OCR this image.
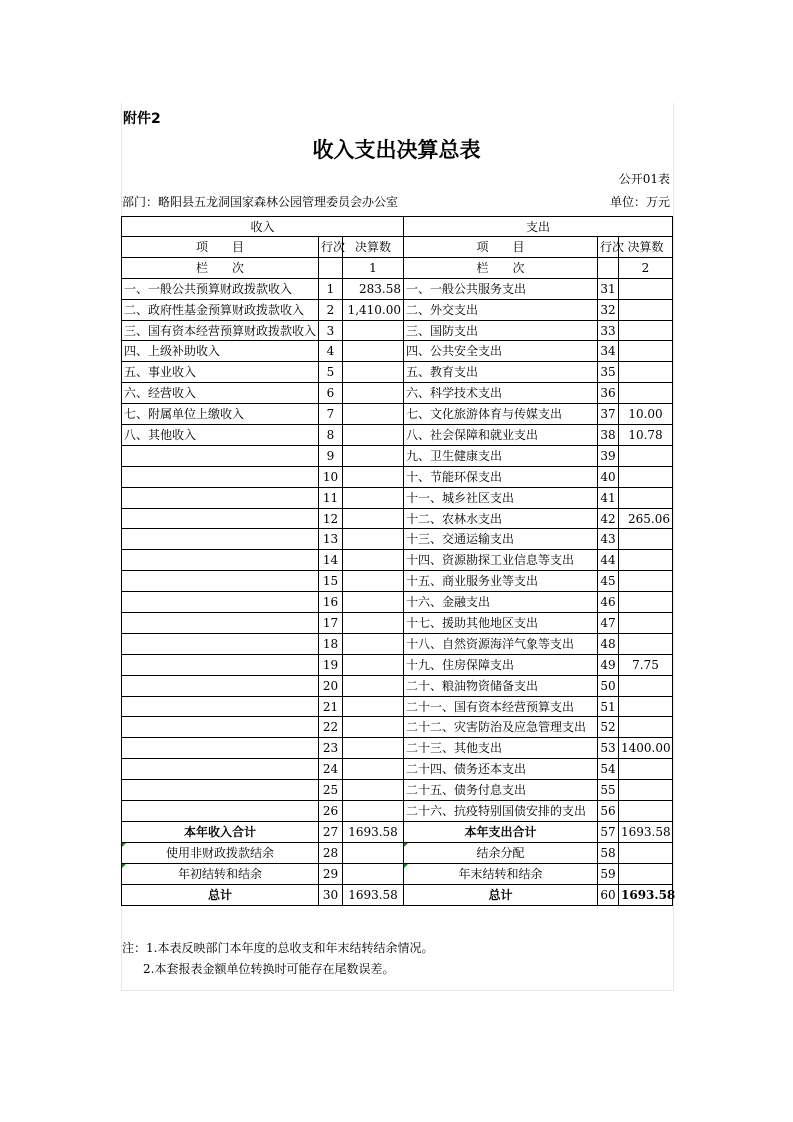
附件2
收入支出决算总表
公开01表
部门：略阳县五龙洞国家森林公园管理委员会办公室	单位：万元
收入			支出		
项　　目	行次	决算数	项　　目	行次	决算数
栏　　次		1	栏　　次		2
一、一般公共预算财政拨款收入	1	283.58	一、一般公共服务支出	31	
二、政府性基金预算财政拨款收入	2	1,410.00	二、外交支出	32	
三、国有资本经营预算财政拨款收入	3		三、国防支出	33	
四、上级补助收入	4		四、公共安全支出	34	
五、事业收入	5		五、教育支出	35	
六、经营收入	6		六、科学技术支出	36	
七、附属单位上缴收入	7		七、文化旅游体育与传媒支出	37	10.00
八、其他收入	8		八、社会保障和就业支出	38	10.78
	9		九、卫生健康支出	39	
	10		十、节能环保支出	40	
	11		十一、城乡社区支出	41	
	12		十二、农林水支出	42	265.06
	13		十三、交通运输支出	43	
	14		十四、资源勘探工业信息等支出	44	
	15		十五、商业服务业等支出	45	
	16		十六、金融支出	46	
	17		十七、援助其他地区支出	47	
	18		十八、自然资源海洋气象等支出	48	
	19		十九、住房保障支出	49	7.75
	20		二十、粮油物资储备支出	50	
	21		二十一、国有资本经营预算支出	51	
	22		二十二、灾害防治及应急管理支出	52	
	23		二十三、其他支出	53	1400.00
	24		二十四、债务还本支出	54	
	25		二十五、债务付息支出	55	
	26		二十六、抗疫特别国债安排的支出	56	
本年收入合计	27	1693.58	本年支出合计	57	1693.58
使用非财政拨款结余	28		结余分配	58	
年初结转和结余	29		年末结转和结余	59	
总计	30	1693.58	总计	60	1693.58
注：1.本表反映部门本年度的总收支和年末结转结余情况。
2.本套报表金额单位转换时可能存在尾数误差。
